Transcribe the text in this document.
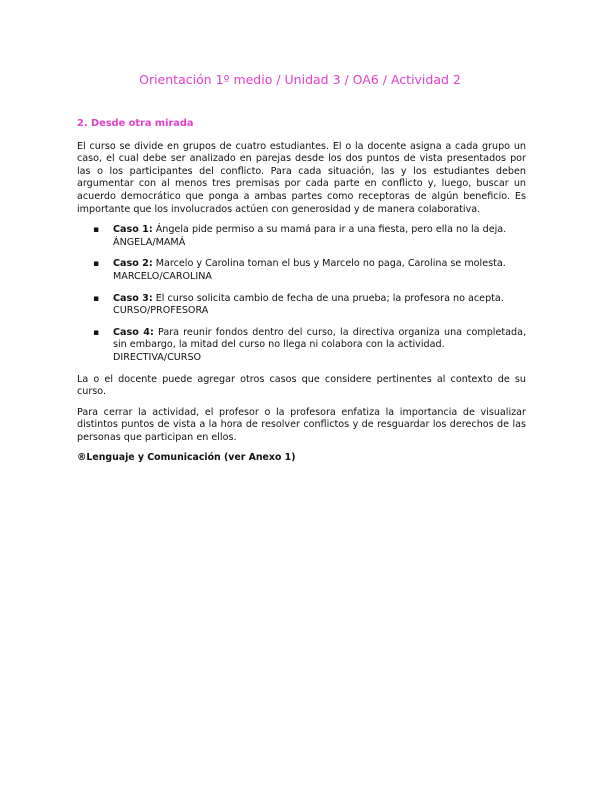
Orientación 1º medio / Unidad 3 / OA6 / Actividad 2
2. Desde otra mirada

El curso se divide en grupos de cuatro estudiantes. El o la docente asigna a cada grupo un caso, el cual debe ser analizado en parejas desde los dos puntos de vista presentados por las o los participantes del conflicto. Para cada situación, las y los estudiantes deben argumentar con al menos tres premisas por cada parte en conflicto y, luego, buscar un acuerdo democrático que ponga a ambas partes como receptoras de algún beneficio. Es importante que los involucrados actúen con generosidad y de manera colaborativa.

▪ Caso 1: Ángela pide permiso a su mamá para ir a una fiesta, pero ella no la deja.
ÁNGELA/MAMÁ
▪ Caso 2: Marcelo y Carolina toman el bus y Marcelo no paga, Carolina se molesta.
MARCELO/CAROLINA
▪ Caso 3: El curso solicita cambio de fecha de una prueba; la profesora no acepta.
CURSO/PROFESORA
▪ Caso 4: Para reunir fondos dentro del curso, la directiva organiza una completada, sin embargo, la mitad del curso no llega ni colabora con la actividad.
DIRECTIVA/CURSO

La o el docente puede agregar otros casos que considere pertinentes al contexto de su curso.

Para cerrar la actividad, el profesor o la profesora enfatiza la importancia de visualizar distintos puntos de vista a la hora de resolver conflictos y de resguardar los derechos de las personas que participan en ellos.

®Lenguaje y Comunicación (ver Anexo 1)
